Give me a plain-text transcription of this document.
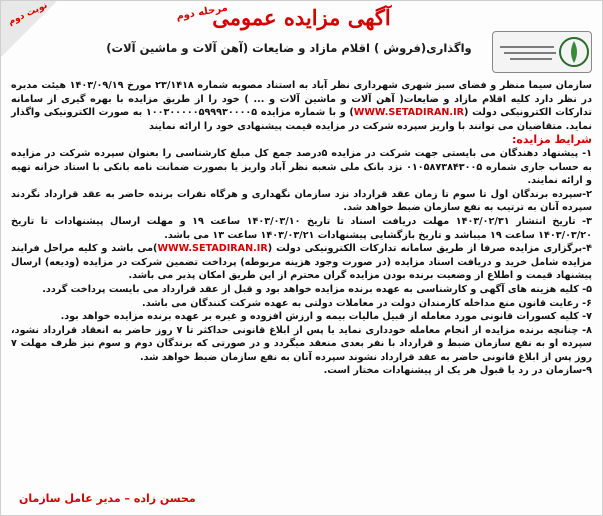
نوبت دوم	مرحله دوم
آگهی مزایده عمومی
واگذاری(فروش ) اقلام مازاد و ضایعات (آهن آلات و ماشین آلات)

سازمان سیما منظر و فضای سبز شهری شهرداری نظر آباد به استناد مصوبه شماره ۲۳/۱۴۱۸ مورخ ۱۴۰۳/۰۹/۱۹ هیئت مدیره در نظر دارد کلیه اقلام مازاد و ضایعات( آهن آلات و ماشین آلات و ... ) خود را از طریق مزایده با بهره گیری از سامانه تدارکات الکترونیکی دولت (WWW.SETADIRAN.IR) و با شماره مزایده ۱۰۰۳۰۰۰۰۰۵۹۹۹۳۰۰۰۰۵ به صورت الکترونیکی واگذار نماید. متقاضیان می توانند با واریز سپرده شرکت در مزایده قیمت پیشنهادی خود را ارائه نمایند

شرایط مزایده:

۱- پیشنهاد دهندگان می بایستی جهت شرکت در مزایده ۵درصد جمع کل مبلغ کارشناسی را بعنوان سپرده شرکت در مزایده به حساب جاری شماره ۰۱۰۵۸۷۳۸۴۳۰۰۵ نزد بانک ملی شعبه نظر آباد واریز یا بصورت ضمانت نامه بانکی با استاد خزانه تهیه و ارائه نمایند.

۲-سپرده برندگان اول تا سوم تا زمان عقد قرارداد نزد سازمان نگهداری و هرگاه نفرات برنده حاضر به عقد قرارداد نگردند سپرده آنان به ترتیب به نفع سازمان ضبط خواهد شد.

۳- تاریخ انتشار ۱۴۰۳/۰۲/۳۱ مهلت دریافت اسناد تا تاریخ ۱۴۰۳/۰۳/۱۰ ساعت ۱۹ و مهلت ارسال پیشنهادات تا تاریخ ۱۴۰۳/۰۳/۲۰ ساعت ۱۹ میباشد و تاریخ بازگشایی پیشنهادات ۱۴۰۳/۰۳/۲۱ ساعت ۱۳ می باشد.

۴-برگزاری مزایده صرفا از طریق سامانه تدارکات الکترونیکی دولت (WWW.SETADIRAN.IR)می باشد و کلیه مراحل فرایند مزایده شامل خرید و دریافت اسناد مزایده (در صورت وجود هزینه مربوطه) پرداخت تضمین شرکت در مزایده (ودیعه) ارسال پیشنهاد قیمت و اطلاع از وضعیت برنده بودن مزایده گران محترم از این طریق امکان پذیر می باشد.

۵- کلیه هزینه های آگهی و کارشناسی به عهده برنده مزایده خواهد بود و قبل از عقد قرارداد می بایست پرداخت گردد.

۶- رعایت قانون منع مداخله کارمندان دولت در معاملات دولتی به عهده شرکت کنندگان می باشد.

۷- کلیه کسورات قانونی مورد معامله از قبیل مالیات بیمه و ارزش افزوده و غیره بر عهده برنده مزایده خواهد بود.

۸- چنانچه برنده مزایده از انجام معامله خودداری نماید یا پس از ابلاغ قانونی حداکثر تا ۷ روز حاضر به انعقاد قرارداد نشود، سپرده او به نفع سازمان ضبط و قرارداد با نفر بعدی منعقد میگردد و در صورتی که برندگان دوم و سوم نیز ظرف مهلت ۷ روز پس از ابلاغ قانونی حاضر به عقد قرارداد نشوند سپرده آنان به نفع سازمان ضبط خواهد شد.

۹-سازمان در رد یا قبول هر یک از پیشنهادات مختار است.

محسن زاده – مدیر عامل سازمان
